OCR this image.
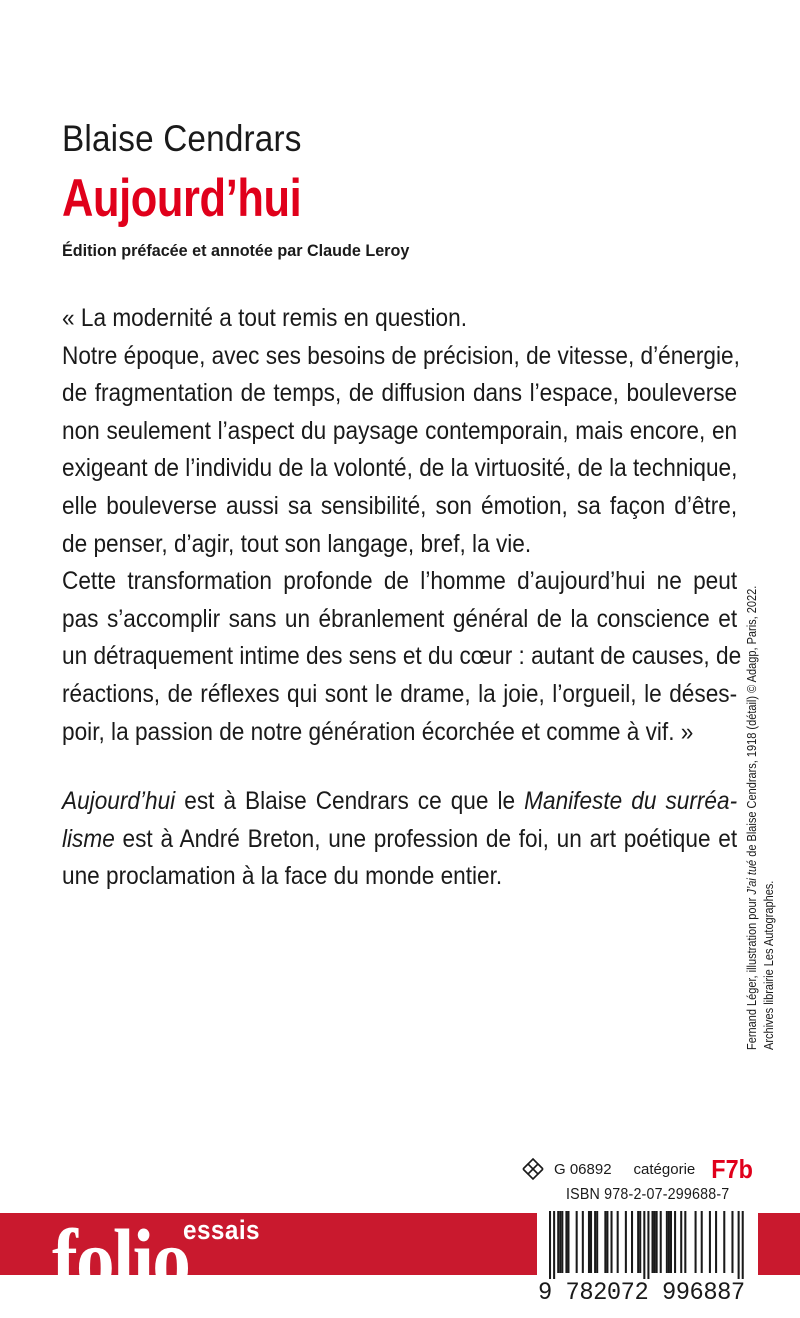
Blaise Cendrars
Aujourd’hui
Édition préfacée et annotée par Claude Leroy
« La modernité a tout remis en question.
Notre époque, avec ses besoins de précision, de vitesse, d’énergie,
de fragmentation de temps, de diffusion dans l’espace, bouleverse
non seulement l’aspect du paysage contemporain, mais encore, en
exigeant de l’individu de la volonté, de la virtuosité, de la technique,
elle bouleverse aussi sa sensibilité, son émotion, sa façon d’être,
de penser, d’agir, tout son langage, bref, la vie.
Cette transformation profonde de l’homme d’aujourd’hui ne peut
pas s’accomplir sans un ébranlement général de la conscience et
un détraquement intime des sens et du cœur : autant de causes, de
réactions, de réflexes qui sont le drame, la joie, l’orgueil, le déses-
poir, la passion de notre génération écorchée et comme à vif. »
Aujourd’hui est à Blaise Cendrars ce que le Manifeste du surréa-
lisme est à André Breton, une profession de foi, un art poétique et
une proclamation à la face du monde entier.
Fernand Léger, illustration pour J’ai tué de Blaise Cendrars, 1918 (détail) © Adagp, Paris, 2022.
Archives librairie Les Autographes.
G 06892 catégorie F7b
ISBN 978-2-07-299688-7
folio
essais
9 782072 996887
